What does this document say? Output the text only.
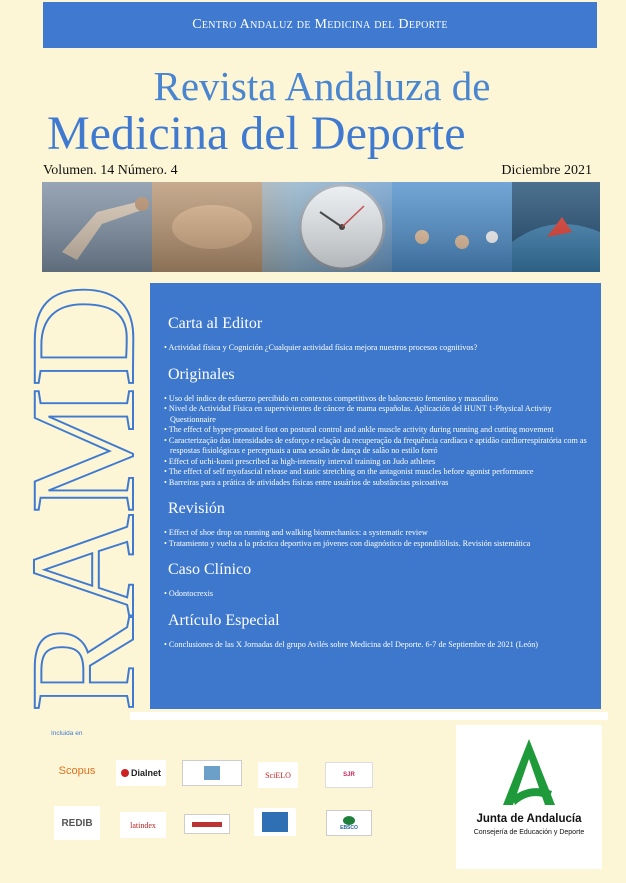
Centro Andaluz de Medicina del Deporte
Revista Andaluza de
Medicina del Deporte
Volumen. 14 Número. 4	Diciembre 2021
RAMD Carta al Editor
• Actividad física y Cognición ¿Cualquier actividad física mejora nuestros procesos cognitivos?
Originales
• Uso del índice de esfuerzo percibido en contextos competitivos de baloncesto femenino y masculino
• Nivel de Actividad Física en supervivientes de cáncer de mama españolas. Aplicación del HUNT 1-Physical Activity Questionnaire
• The effect of hyper-pronated foot on postural control and ankle muscle activity during running and cutting movement
• Caracterização das intensidades de esforço e relação da recuperação da frequência cardíaca e aptidão cardiorrespiratória com as respostas fisiológicas e perceptuais a uma sessão de dança de salão no estilo forró
• Effect of uchi-komi prescribed as high-intensity interval training on Judo athletes
• The effect of self myofascial release and static stretching on the antagonist muscles before agonist performance
• Barreiras para a prática de atividades físicas entre usuários de substâncias psicoativas
Revisión
• Effect of shoe drop on running and walking biomechanics: a systematic review
• Tratamiento y vuelta a la práctica deportiva en jóvenes con diagnóstico de espondilólisis. Revisión sistemática
Caso Clínico
• Odontocrexis
Artículo Especial
• Conclusiones de las X Jornadas del grupo Avilés sobre Medicina del Deporte. 6-7 de Septiembre de 2021 (León)
Incluida en
Scopus	Dialnet	SciELO	SJR
REDIB	latindex	EBSCO
Junta de Andalucía
Consejería de Educación y Deporte
